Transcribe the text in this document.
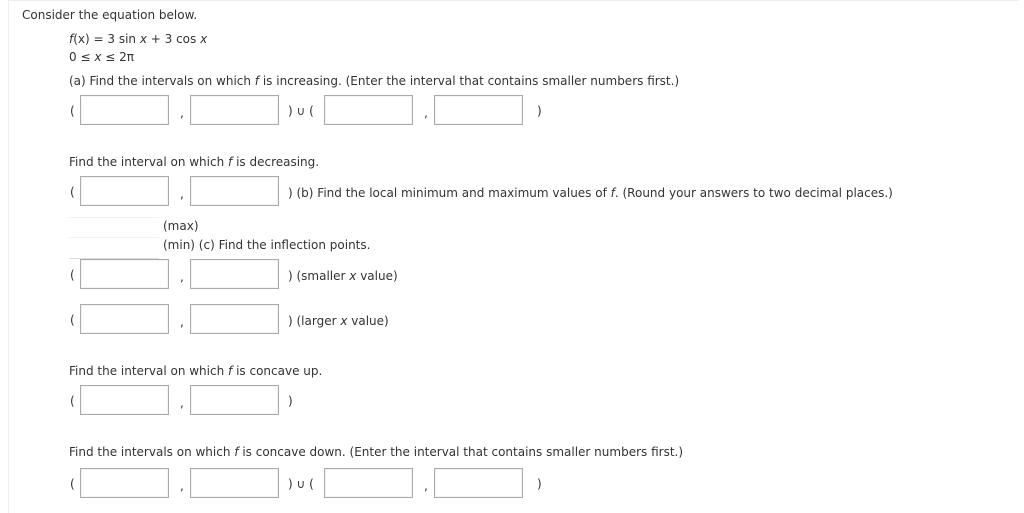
Consider the equation below.
f(x) = 3 sin x + 3 cos x
0 ≤ x ≤ 2π
(a) Find the intervals on which f is increasing. (Enter the interval that contains smaller numbers first.)
(	,	) ∪ (	,	)
Find the interval on which f is decreasing.
(	,	) (b) Find the local minimum and maximum values of f. (Round your answers to two decimal places.)
(max)
(min) (c) Find the inflection points.
(	,	) (smaller x value)
(	,	) (larger x value)
Find the interval on which f is concave up.
(	,	)
Find the intervals on which f is concave down. (Enter the interval that contains smaller numbers first.)
(	,	) ∪ (	,	)
